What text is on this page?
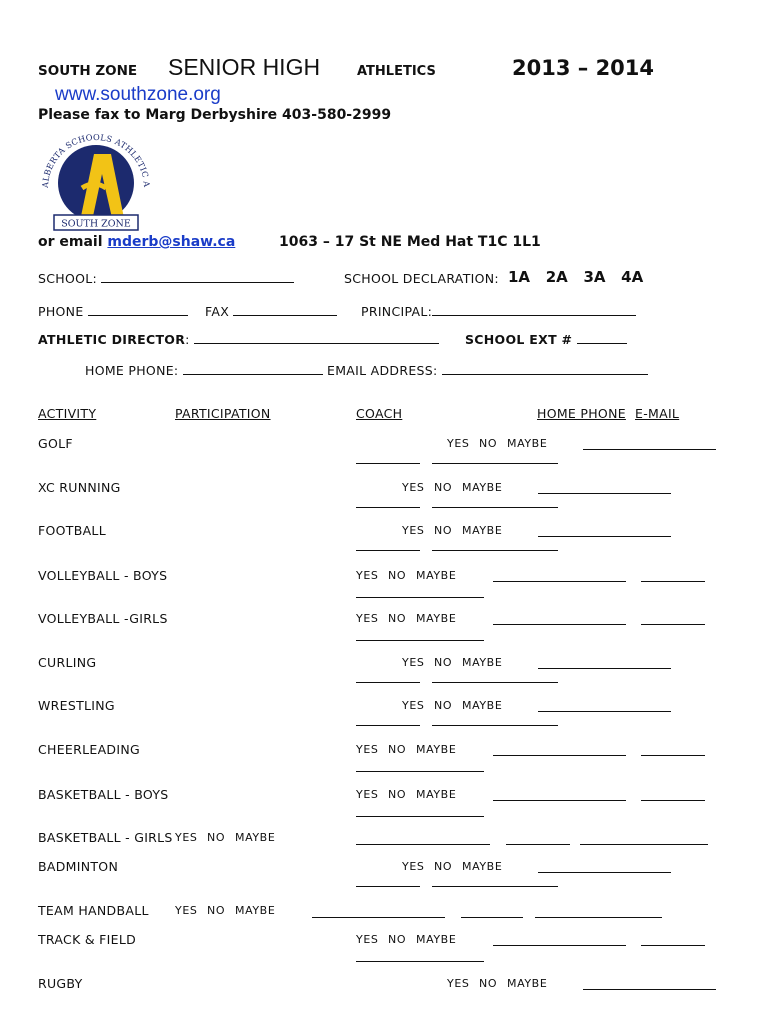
SOUTH ZONE SENIOR HIGH	ATHLETICS	2013 – 2014
www.southzone.org
Please fax to Marg Derbyshire 403-580-2999
ALBERTA SCHOOLS ATHLETIC A
SOUTH ZONE
or email mderb@shaw.ca	1063 – 17 St NE Med Hat T1C 1L1
SCHOOL:	SCHOOL DECLARATION: 1A 2A 3A 4A
PHONE	FAX	PRINCIPAL:
ATHLETIC DIRECTOR:	SCHOOL EXT #
HOME PHONE:	EMAIL ADDRESS:
ACTIVITY	PARTICIPATION	COACH	HOME PHONE E-MAIL
GOLF	YES NO MAYBE
XC RUNNING	YES NO MAYBE
FOOTBALL	YES NO MAYBE
VOLLEYBALL - BOYS	YES NO MAYBE
VOLLEYBALL -GIRLS	YES NO MAYBE
CURLING	YES NO MAYBE
WRESTLING	YES NO MAYBE
CHEERLEADING	YES NO MAYBE
BASKETBALL - BOYS	YES NO MAYBE
BASKETBALL - GIRLS YES NO MAYBE
BADMINTON	YES NO MAYBE
TEAM HANDBALL YES NO MAYBE
TRACK & FIELD	YES NO MAYBE
RUGBY	YES NO MAYBE
